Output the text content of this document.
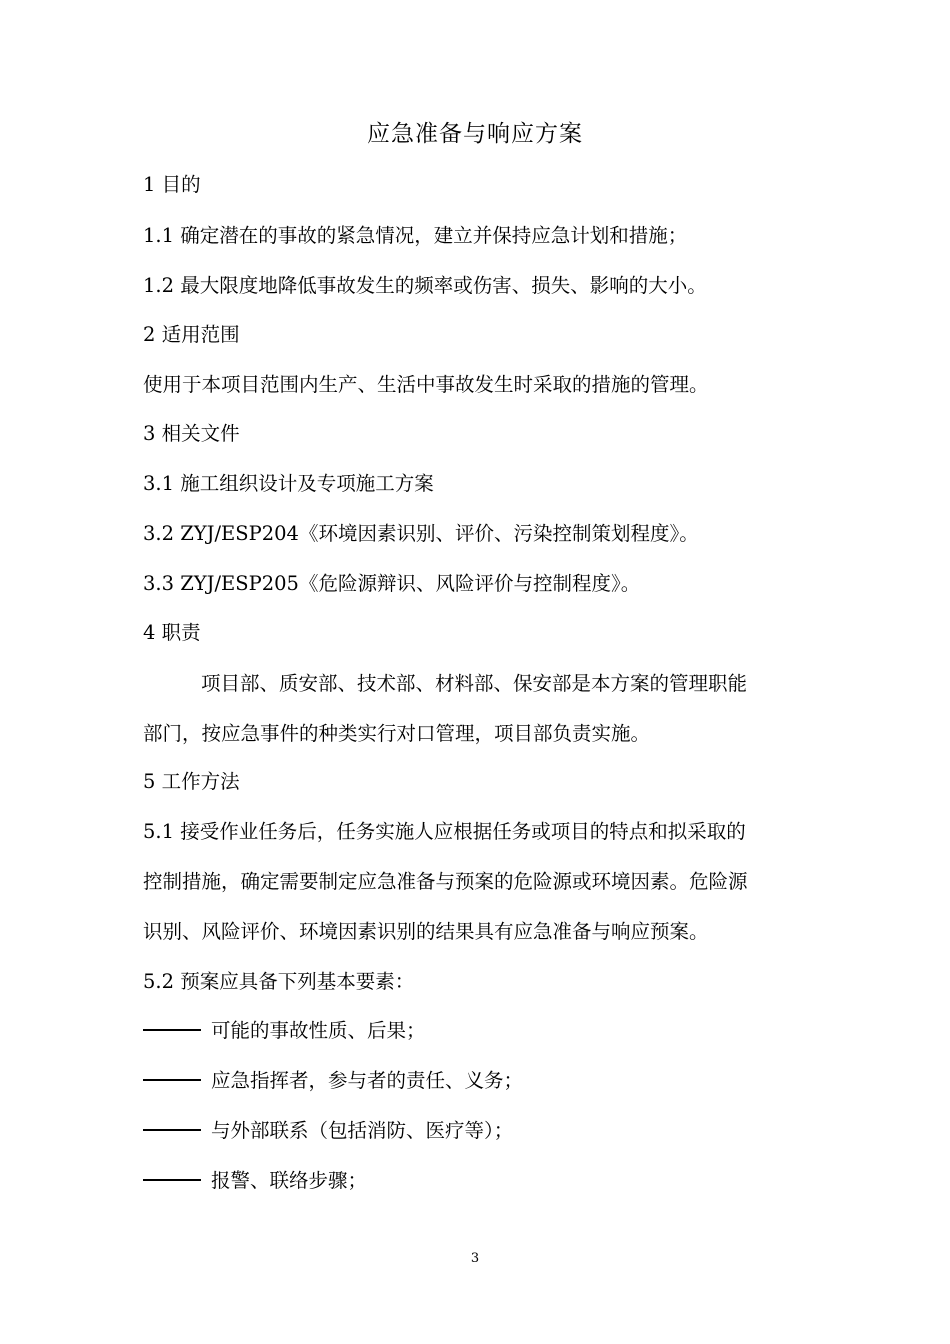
应急准备与响应方案
1 目的
1.1 确定潜在的事故的紧急情况，建立并保持应急计划和措施；
1.2 最大限度地降低事故发生的频率或伤害、损失、影响的大小。
2 适用范围
使用于本项目范围内生产、生活中事故发生时采取的措施的管理。
3 相关文件
3.1 施工组织设计及专项施工方案
3.2 ZYJ/ESP204《环境因素识别、评价、污染控制策划程度》。
3.3 ZYJ/ESP205《危险源辩识、风险评价与控制程度》。
4 职责
项目部、质安部、技术部、材料部、保安部是本方案的管理职能
部门，按应急事件的种类实行对口管理，项目部负责实施。
5 工作方法
5.1 接受作业任务后，任务实施人应根据任务或项目的特点和拟采取的
控制措施，确定需要制定应急准备与预案的危险源或环境因素。危险源
识别、风险评价、环境因素识别的结果具有应急准备与响应预案。
5.2 预案应具备下列基本要素：
可能的事故性质、后果；
应急指挥者，参与者的责任、义务；
与外部联系（包括消防、医疗等）；
报警、联络步骤；
3
